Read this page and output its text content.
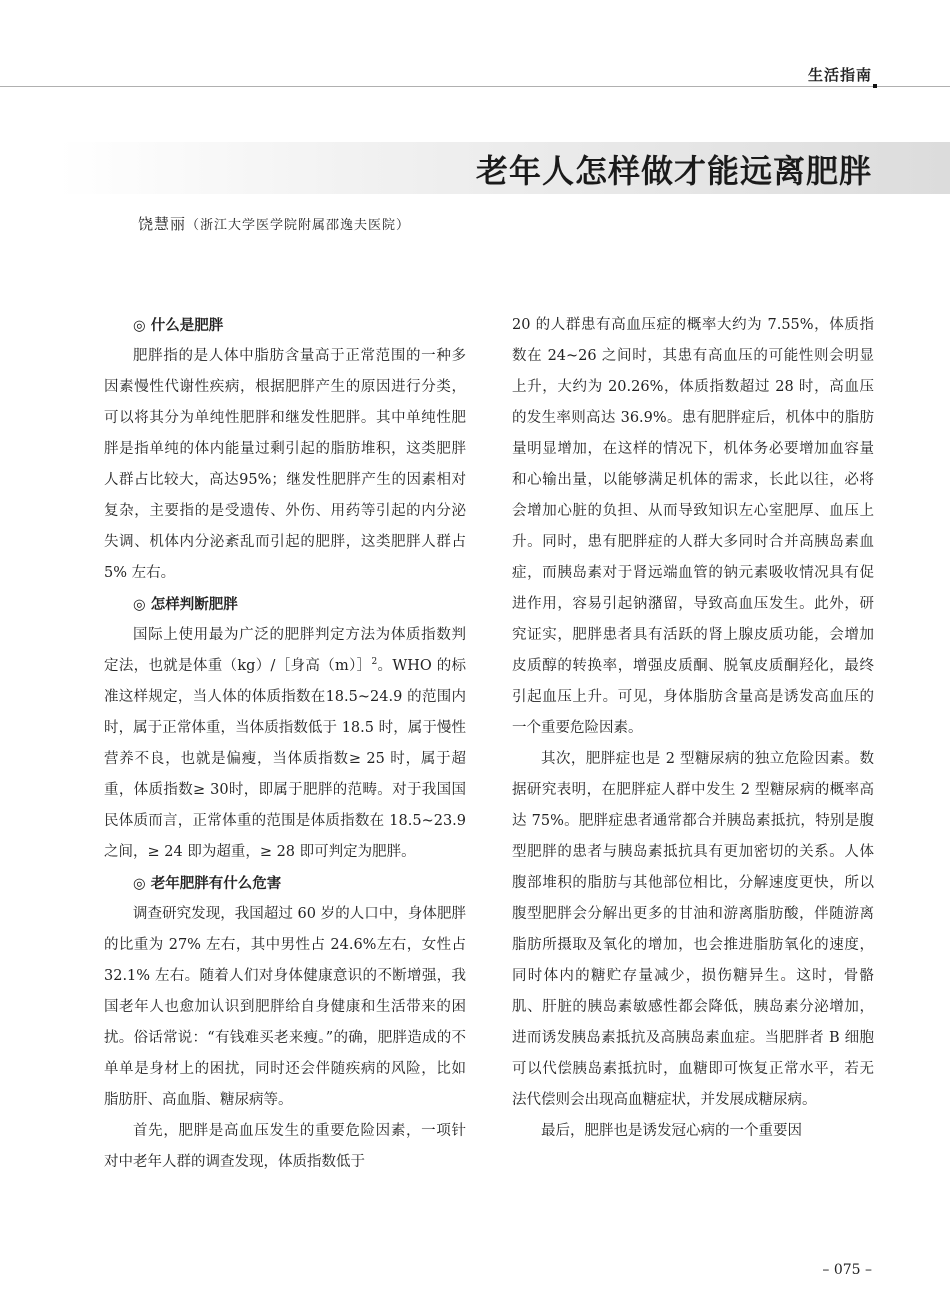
生活指南
老年人怎样做才能远离肥胖
饶慧丽（浙江大学医学院附属邵逸夫医院）
◎ 什么是肥胖

肥胖指的是人体中脂肪含量高于正常范围的一种多因素慢性代谢性疾病，根据肥胖产生的原因进行分类，可以将其分为单纯性肥胖和继发性肥胖。其中单纯性肥胖是指单纯的体内能量过剩引起的脂肪堆积，这类肥胖人群占比较大，高达95%；继发性肥胖产生的因素相对复杂，主要指的是受遗传、外伤、用药等引起的内分泌失调、机体内分泌紊乱而引起的肥胖，这类肥胖人群占5% 左右。

◎ 怎样判断肥胖

国际上使用最为广泛的肥胖判定方法为体质指数判定法，也就是体重（kg）/［身高（m）］$^2$。WHO 的标准这样规定，当人体的体质指数在18.5~24.9 的范围内时，属于正常体重，当体质指数低于 18.5 时，属于慢性营养不良，也就是偏瘦，当体质指数≥ 25 时，属于超重，体质指数≥ 30时，即属于肥胖的范畴。对于我国国民体质而言，正常体重的范围是体质指数在 18.5~23.9 之间，≥ 24 即为超重，≥ 28 即可判定为肥胖。

◎ 老年肥胖有什么危害

调查研究发现，我国超过 60 岁的人口中，身体肥胖的比重为 27% 左右，其中男性占 24.6%左右，女性占 32.1% 左右。随着人们对身体健康意识的不断增强，我国老年人也愈加认识到肥胖给自身健康和生活带来的困扰。俗话常说：“有钱难买老来瘦。”的确，肥胖造成的不单单是身材上的困扰，同时还会伴随疾病的风险，比如脂肪肝、高血脂、糖尿病等。

首先，肥胖是高血压发生的重要危险因素，一项针对中老年人群的调查发现，体质指数低于

20 的人群患有高血压症的概率大约为 7.55%，体质指数在 24~26 之间时，其患有高血压的可能性则会明显上升，大约为 20.26%，体质指数超过 28 时，高血压的发生率则高达 36.9%。患有肥胖症后，机体中的脂肪量明显增加，在这样的情况下，机体务必要增加血容量和心输出量，以能够满足机体的需求，长此以往，必将会增加心脏的负担、从而导致知识左心室肥厚、血压上升。同时，患有肥胖症的人群大多同时合并高胰岛素血症，而胰岛素对于肾远端血管的钠元素吸收情况具有促进作用，容易引起钠潴留，导致高血压发生。此外，研究证实，肥胖患者具有活跃的肾上腺皮质功能，会增加皮质醇的转换率，增强皮质酮、脱氧皮质酮羟化，最终引起血压上升。可见，身体脂肪含量高是诱发高血压的一个重要危险因素。

其次，肥胖症也是 2 型糖尿病的独立危险因素。数据研究表明，在肥胖症人群中发生 2 型糖尿病的概率高达 75%。肥胖症患者通常都合并胰岛素抵抗，特别是腹型肥胖的患者与胰岛素抵抗具有更加密切的关系。人体腹部堆积的脂肪与其他部位相比，分解速度更快，所以腹型肥胖会分解出更多的甘油和游离脂肪酸，伴随游离脂肪所摄取及氧化的增加，也会推进脂肪氧化的速度，同时体内的糖贮存量减少，损伤糖异生。这时，骨骼肌、肝脏的胰岛素敏感性都会降低，胰岛素分泌增加，进而诱发胰岛素抵抗及高胰岛素血症。当肥胖者 B 细胞可以代偿胰岛素抵抗时，血糖即可恢复正常水平，若无法代偿则会出现高血糖症状，并发展成糖尿病。

最后，肥胖也是诱发冠心病的一个重要因

– 075 –
